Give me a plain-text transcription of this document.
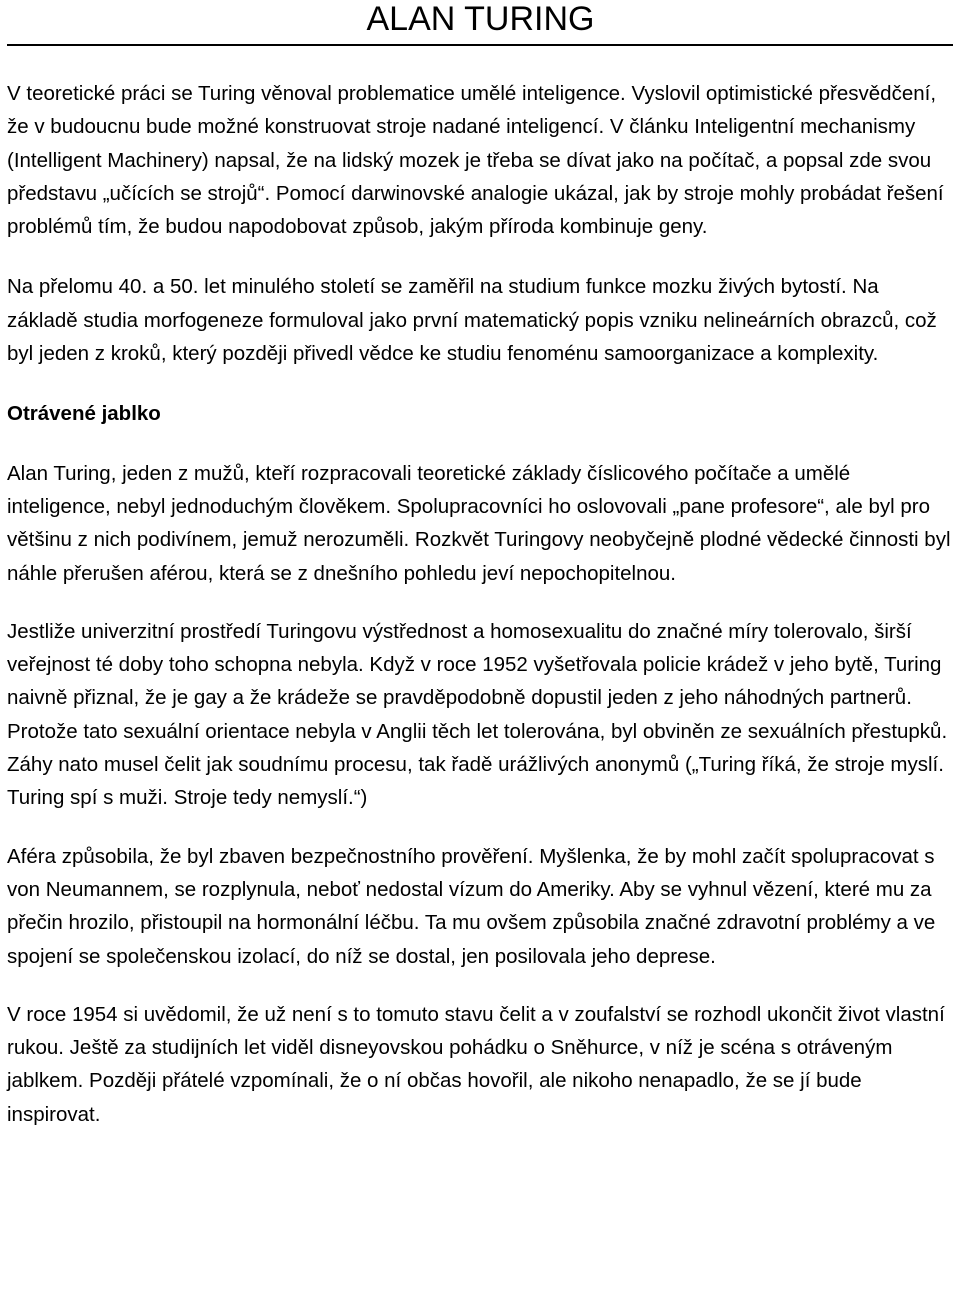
ALAN TURING

V teoretické práci se Turing věnoval problematice umělé inteligence. Vyslovil optimistické přesvědčení, že v budoucnu bude možné konstruovat stroje nadané inteligencí. V článku Inteligentní mechanismy (Intelligent Machinery) napsal, že na lidský mozek je třeba se dívat jako na počítač, a popsal zde svou představu „učících se strojů“. Pomocí darwinovské analogie ukázal, jak by stroje mohly probádat řešení problémů tím, že budou napodobovat způsob, jakým příroda kombinuje geny.

Na přelomu 40. a 50. let minulého století se zaměřil na studium funkce mozku živých bytostí. Na základě studia morfogeneze formuloval jako první matematický popis vzniku nelineárních obrazců, což byl jeden z kroků, který později přivedl vědce ke studiu fenoménu samoorganizace a komplexity.

Otrávené jablko

Alan Turing, jeden z mužů, kteří rozpracovali teoretické základy číslicového počítače a umělé inteligence, nebyl jednoduchým člověkem. Spolupracovníci ho oslovovali „pane profesore“, ale byl pro většinu z nich podivínem, jemuž nerozuměli. Rozkvět Turingovy neobyčejně plodné vědecké činnosti byl náhle přerušen aférou, která se z dnešního pohledu jeví nepochopitelnou.

Jestliže univerzitní prostředí Turingovu výstřednost a homosexualitu do značné míry tolerovalo, širší veřejnost té doby toho schopna nebyla. Když v roce 1952 vyšetřovala policie krádež v jeho bytě, Turing naivně přiznal, že je gay a že krádeže se pravděpodobně dopustil jeden z jeho náhodných partnerů. Protože tato sexuální orientace nebyla v Anglii těch let tolerována, byl obviněn ze sexuálních přestupků. Záhy nato musel čelit jak soudnímu procesu, tak řadě urážlivých anonymů („Turing říká, že stroje myslí. Turing spí s muži. Stroje tedy nemyslí.“)

Aféra způsobila, že byl zbaven bezpečnostního prověření. Myšlenka, že by mohl začít spolupracovat s von Neumannem, se rozplynula, neboť nedostal vízum do Ameriky. Aby se vyhnul vězení, které mu za přečin hrozilo, přistoupil na hormonální léčbu. Ta mu ovšem způsobila značné zdravotní problémy a ve spojení se společenskou izolací, do níž se dostal, jen posilovala jeho deprese.

V roce 1954 si uvědomil, že už není s to tomuto stavu čelit a v zoufalství se rozhodl ukončit život vlastní rukou. Ještě za studijních let viděl disneyovskou pohádku o Sněhurce, v níž je scéna s otráveným jablkem. Později přátelé vzpomínali, že o ní občas hovořil, ale nikoho nenapadlo, že se jí bude inspirovat.
